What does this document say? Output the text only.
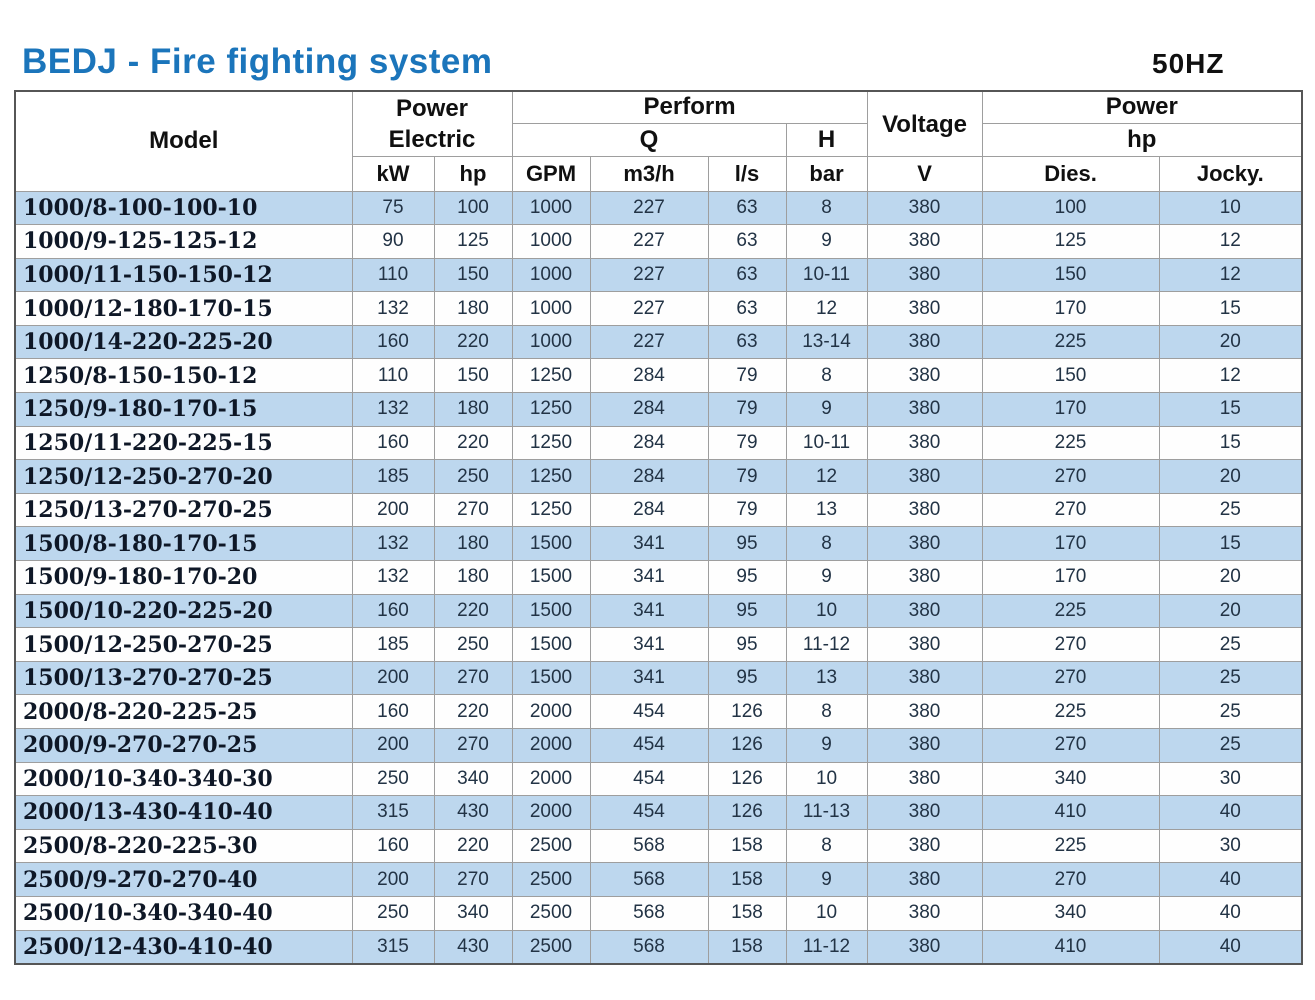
BEDJ - Fire fighting system	50HZ
Model	Power
Electric		Perform				Voltage	Power	
			Q			H		hp	
	kW	hp	GPM	m3/h	l/s	bar	V	Dies.	Jocky.
1000/8-100-100-10	75	100	1000	227	63	8	380	100	10
1000/9-125-125-12	90	125	1000	227	63	9	380	125	12
1000/11-150-150-12	110	150	1000	227	63	10-11	380	150	12
1000/12-180-170-15	132	180	1000	227	63	12	380	170	15
1000/14-220-225-20	160	220	1000	227	63	13-14	380	225	20
1250/8-150-150-12	110	150	1250	284	79	8	380	150	12
1250/9-180-170-15	132	180	1250	284	79	9	380	170	15
1250/11-220-225-15	160	220	1250	284	79	10-11	380	225	15
1250/12-250-270-20	185	250	1250	284	79	12	380	270	20
1250/13-270-270-25	200	270	1250	284	79	13	380	270	25
1500/8-180-170-15	132	180	1500	341	95	8	380	170	15
1500/9-180-170-20	132	180	1500	341	95	9	380	170	20
1500/10-220-225-20	160	220	1500	341	95	10	380	225	20
1500/12-250-270-25	185	250	1500	341	95	11-12	380	270	25
1500/13-270-270-25	200	270	1500	341	95	13	380	270	25
2000/8-220-225-25	160	220	2000	454	126	8	380	225	25
2000/9-270-270-25	200	270	2000	454	126	9	380	270	25
2000/10-340-340-30	250	340	2000	454	126	10	380	340	30
2000/13-430-410-40	315	430	2000	454	126	11-13	380	410	40
2500/8-220-225-30	160	220	2500	568	158	8	380	225	30
2500/9-270-270-40	200	270	2500	568	158	9	380	270	40
2500/10-340-340-40	250	340	2500	568	158	10	380	340	40
2500/12-430-410-40	315	430	2500	568	158	11-12	380	410	40
